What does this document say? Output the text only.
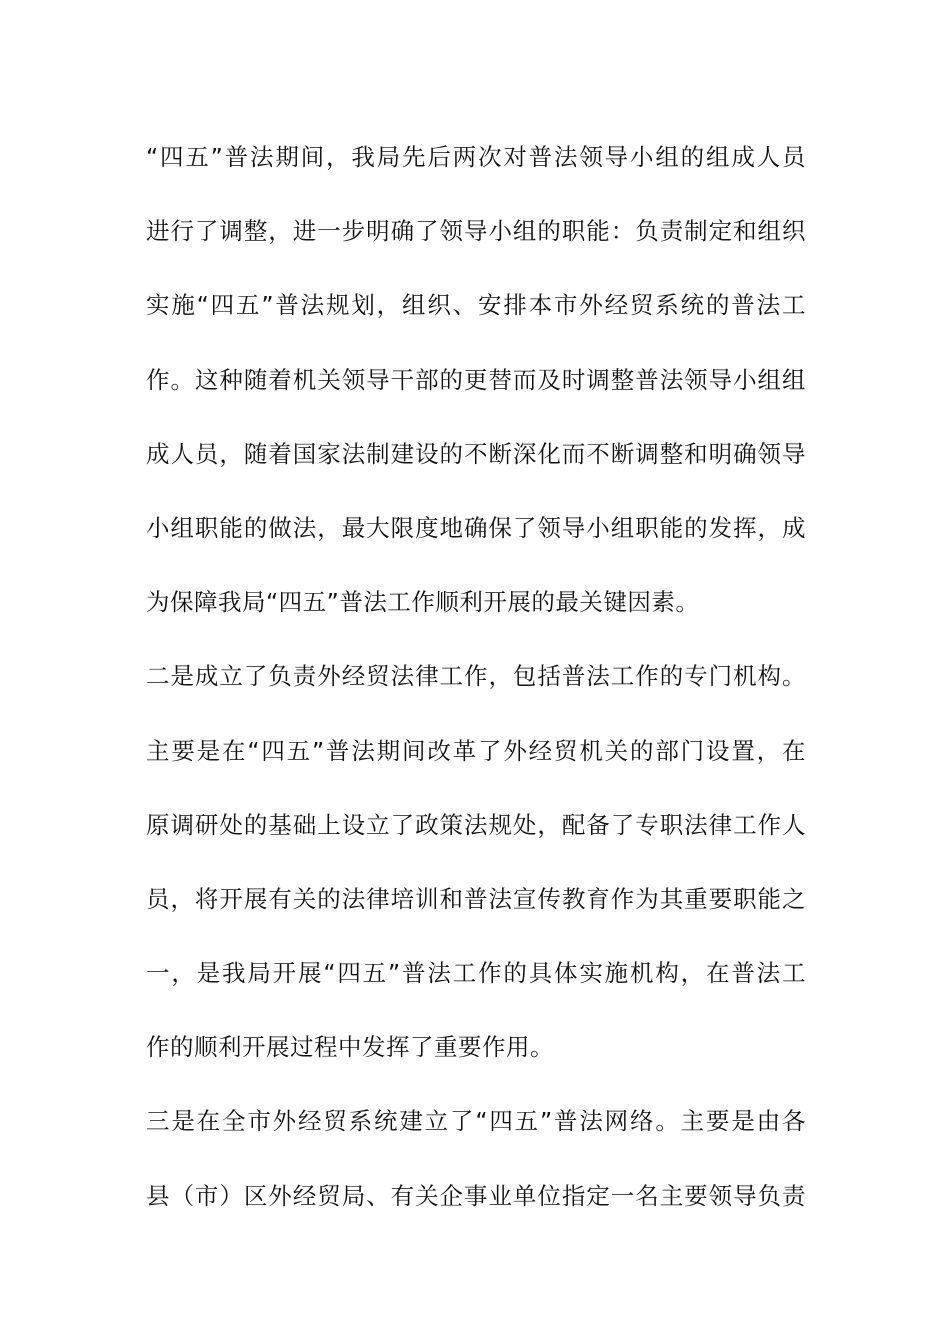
“四五”普法期间，我局先后两次对普法领导小组的组成人员
进行了调整，进一步明确了领导小组的职能：负责制定和组织
实施“四五”普法规划，组织、安排本市外经贸系统的普法工
作。这种随着机关领导干部的更替而及时调整普法领导小组组
成人员，随着国家法制建设的不断深化而不断调整和明确领导
小组职能的做法，最大限度地确保了领导小组职能的发挥，成
为保障我局“四五”普法工作顺利开展的最关键因素。
二是成立了负责外经贸法律工作，包括普法工作的专门机构。
主要是在“四五”普法期间改革了外经贸机关的部门设置，在
原调研处的基础上设立了政策法规处，配备了专职法律工作人
员，将开展有关的法律培训和普法宣传教育作为其重要职能之
一，是我局开展“四五”普法工作的具体实施机构，在普法工
作的顺利开展过程中发挥了重要作用。
三是在全市外经贸系统建立了“四五”普法网络。主要是由各
县（市）区外经贸局、有关企事业单位指定一名主要领导负责
